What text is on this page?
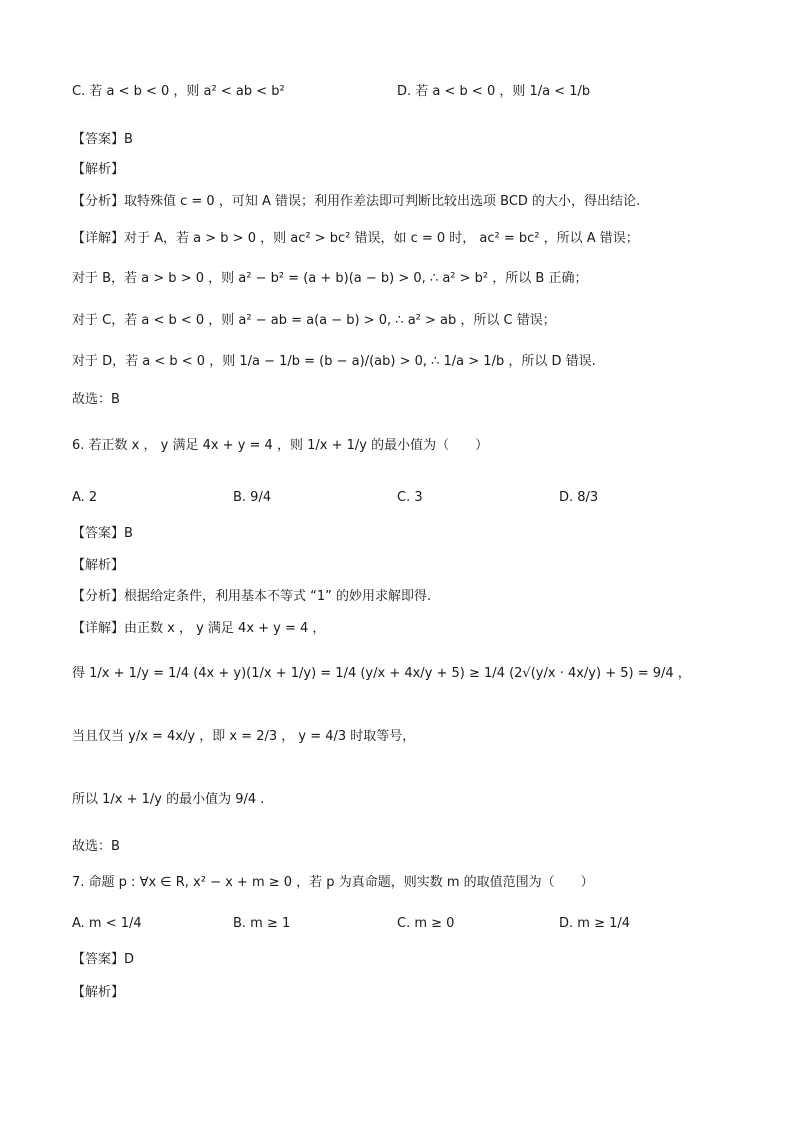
C. 若 a < b < 0 ，则 a² < ab < b²	D. 若 a < b < 0 ，则 1/a < 1/b
【答案】B
【解析】
【分析】取特殊值 c = 0 ，可知 A 错误；利用作差法即可判断比较出选项 BCD 的大小，得出结论.
【详解】对于 A，若 a > b > 0 ，则 ac² > bc² 错误，如 c = 0 时， ac² = bc² ，所以 A 错误；
对于 B，若 a > b > 0 ，则 a² − b² = (a + b)(a − b) > 0, ∴ a² > b² ，所以 B 正确；
对于 C，若 a < b < 0 ，则 a² − ab = a(a − b) > 0, ∴ a² > ab ，所以 C 错误；
对于 D，若 a < b < 0 ，则 1/a − 1/b = (b − a)/(ab) > 0, ∴ 1/a > 1/b ，所以 D 错误.
故选：B
6. 若正数 x ， y 满足 4x + y = 4 ，则 1/x + 1/y 的最小值为（　　）
A. 2	B. 9/4	C. 3	D. 8/3
【答案】B
【解析】
【分析】根据给定条件，利用基本不等式 “1” 的妙用求解即得.
【详解】由正数 x ， y 满足 4x + y = 4 ，
得 1/x + 1/y = 1/4 (4x + y)(1/x + 1/y) = 1/4 (y/x + 4x/y + 5) ≥ 1/4 (2√(y/x · 4x/y) + 5) = 9/4 ，
当且仅当 y/x = 4x/y ，即 x = 2/3 ， y = 4/3 时取等号，
所以 1/x + 1/y 的最小值为 9/4 .
故选：B
7. 命题 p : ∀x ∈ R, x² − x + m ≥ 0 ，若 p 为真命题，则实数 m 的取值范围为（　　）
A. m < 1/4	B. m ≥ 1	C. m ≥ 0	D. m ≥ 1/4
【答案】D
【解析】
